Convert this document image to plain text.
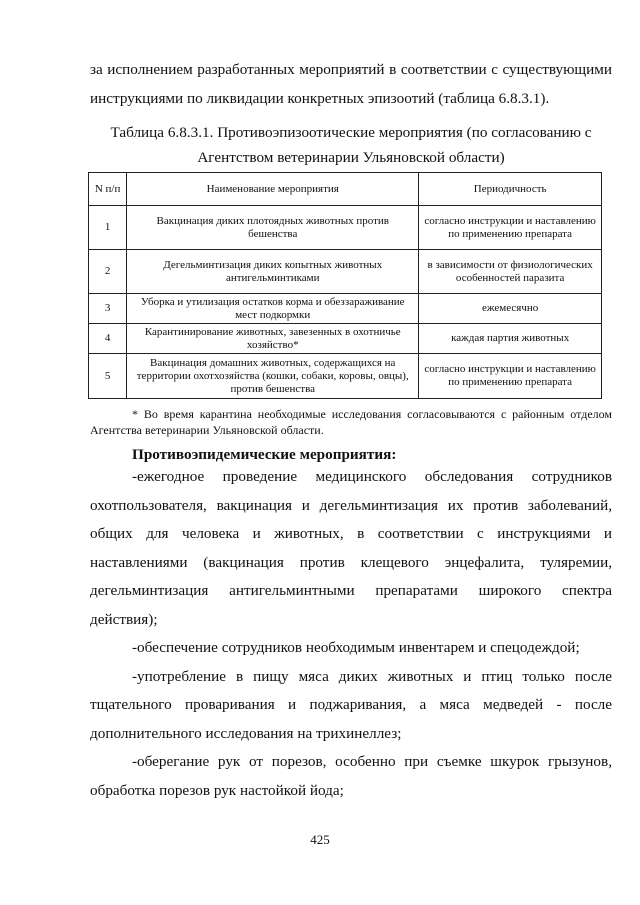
за исполнением разработанных мероприятий в соответствии с существующими инструкциями по ликвидации конкретных эпизоотий (таблица 6.8.3.1).

Таблица 6.8.3.1. Противоэпизоотические мероприятия (по согласованию с Агентством ветеринарии Ульяновской области)

N п/п	Наименование мероприятия	Периодичность
1	Вакцинация диких плотоядных животных против бешенства	согласно инструкции и наставлению по применению препарата
2	Дегельминтизация диких копытных животных антигельминтиками	в зависимости от физиологических особенностей паразита
3	Уборка и утилизация остатков корма и обеззараживание мест подкормки	ежемесячно
4	Карантинирование животных, завезенных в охотничье хозяйство*	каждая партия животных
5	Вакцинация домашних животных, содержащихся на территории охотхозяйства (кошки, собаки, коровы, овцы), против бешенства	согласно инструкции и наставлению по применению препарата

* Во время карантина необходимые исследования согласовываются с районным отделом Агентства ветеринарии Ульяновской области.

Противоэпидемические мероприятия:

-ежегодное проведение медицинского обследования сотрудников охотпользователя, вакцинация и дегельминтизация их против заболеваний, общих для человека и животных, в соответствии с инструкциями и наставлениями (вакцинация против клещевого энцефалита, туляремии, дегельминтизация антигельминтными препаратами широкого спектра действия);

-обеспечение сотрудников необходимым инвентарем и спецодеждой;

-употребление в пищу мяса диких животных и птиц только после тщательного проваривания и поджаривания, а мяса медведей - после дополнительного исследования на трихинеллез;

-оберегание рук от порезов, особенно при съемке шкурок грызунов, обработка порезов рук настойкой йода;

425
